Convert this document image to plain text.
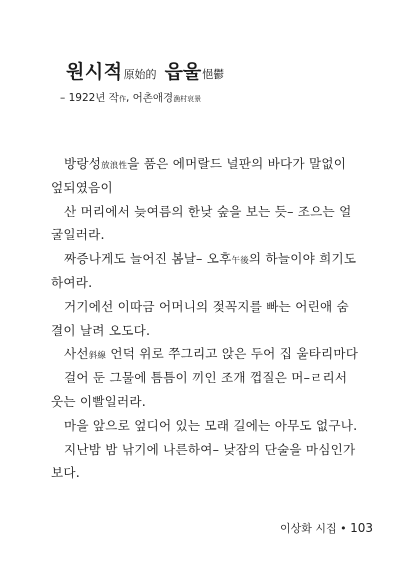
원시적原始的 읍울悒鬱
– 1922년 작作, 어촌애경漁村哀景
방랑성放浪性을 품은 에머랄드 널판의 바다가 말없이
엎되였음이
산 머리에서 늦여름의 한낮 숲을 보는 듯– 조으는 얼
굴일러라.
짜증나게도 늘어진 봄날– 오후午後의 하늘이야 희기도
하여라.
거기에선 이따금 어머니의 젖꼭지를 빠는 어린애 숨
결이 날려 오도다.
사선斜線 언덕 위로 쭈그리고 앉은 두어 집 울타리마다
걸어 둔 그물에 틈틈이 끼인 조개 껍질은 머–ㄹ리서
웃는 이빨일러라.
마을 앞으로 엎디어 있는 모래 길에는 아무도 없구나.
지난밤 밤 낚기에 나른하여– 낮잠의 단술을 마심인가
보다.
이상화 시집 • 103
